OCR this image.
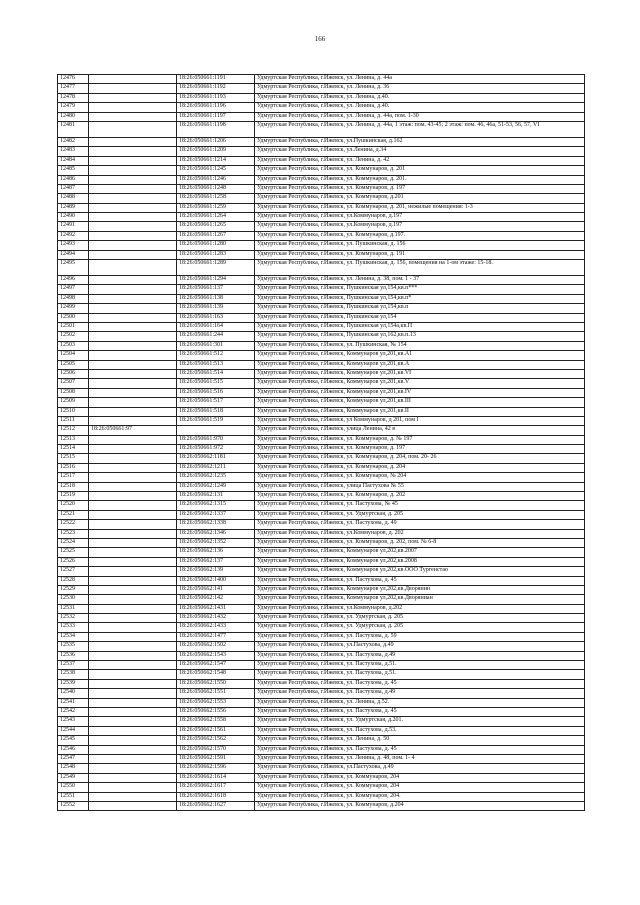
166
12476		18:26:050661:1191	Удмуртская Республика, г.Ижевск, ул. Ленина, д. 44а
12477		18:26:050661:1192	Удмуртская Республика, г.Ижевск, ул. Ленина, д. 36
12478		18:26:050661:1193	Удмуртская Республика, г.Ижевск, ул. Ленина, д.40.
12479		18:26:050661:1196	Удмуртская Республика, г.Ижевск, ул. Ленина, д.40.
12480		18:26:050661:1197	Удмуртская Республика, г.Ижевск, ул. Ленина, д. 44а, пом. 1-30
12481		18:26:050661:1198	Удмуртская Республика, г.Ижевск, ул. Ленина, д. 44а, 1 этаж: пом. 43-45; 2 этаж: пом. 46, 46а, 51-53, 56, 57, VI
12482		18:26:050661:1206	Удмуртская Республика, г.Ижевск, ул.Пушкинская, д.162
12483		18:26:050661:1209	Удмуртская Республика, г.Ижевск, ул.Ленина, д.34
12484		18:26:050661:1214	Удмуртская Республика, г.Ижевск, ул. Ленина, д. 42
12485		18:26:050661:1245	Удмуртская Республика, г.Ижевск, ул. Коммунаров, д. 201
12486		18:26:050661:1246	Удмуртская Республика, г.Ижевск, ул. Коммунаров, д. 201.
12487		18:26:050661:1248	Удмуртская Республика, г.Ижевск, ул. Коммунаров, д. 197
12488		18:26:050661:1258	Удмуртская Республика, г.Ижевск, ул. Коммунаров, д.201
12489		18:26:050661:1259	Удмуртская Республика, г.Ижевск, ул. Коммунаров, д. 201, нежилые помещения: 1-3
12490		18:26:050661:1264	Удмуртская Республика, г.Ижевск, ул.Коммунаров, д.197
12491		18:26:050661:1265	Удмуртская Республика, г.Ижевск, ул.Коммунаров, д.197
12492		18:26:050661:1267	Удмуртская Республика, г.Ижевск, ул. Коммунаров, д.197.
12493		18:26:050661:1280	Удмуртская Республика, г.Ижевск, ул. Пушкинская, д. 156
12494		18:26:050661:1283	Удмуртская Республика, г.Ижевск, ул. Коммунаров, д. 191
12495		18:26:050661:1289	Удмуртская Республика, г.Ижевск, ул. Пушкинская, д. 156, помещения на 1-ом этаже: 15-18.
12496		18:26:050661:1294	Удмуртская Республика, г.Ижевск, ул. Ленина, д. 38, пом. 1 - 37
12497		18:26:050661:137	Удмуртская Республика, г.Ижевск, Пушкинская ул,154,кв.п***
12498		18:26:050661:138	Удмуртская Республика, г.Ижевск, Пушкинская ул,154,кв.п*
12499		18:26:050661:139	Удмуртская Республика, г.Ижевск, Пушкинская ул,154,кв.п
12500		18:26:050661:163	Удмуртская Республика, г.Ижевск, Пушкинская ул,154
12501		18:26:050661:164	Удмуртская Республика, г.Ижевск, Пушкинская ул,154а,кв.П
12502		18:26:050661:244	Удмуртская Республика, г.Ижевск, Пушкинская ул,162,кв.п.13
12503		18:26:050661:301	Удмуртская Республика, г.Ижевск, ул. Пушкинская, № 154
12504		18:26:050661:512	Удмуртская Республика, г.Ижевск, Коммунаров ул,201,кв.А1
12505		18:26:050661:513	Удмуртская Республика, г.Ижевск, Коммунаров ул,201,кв.А
12506		18:26:050661:514	Удмуртская Республика, г.Ижевск, Коммунаров ул,201,кв.VI
12507		18:26:050661:515	Удмуртская Республика, г.Ижевск, Коммунаров ул,201,кв.V
12508		18:26:050661:516	Удмуртская Республика, г.Ижевск, Коммунаров ул,201,кв.IV
12509		18:26:050661:517	Удмуртская Республика, г.Ижевск, Коммунаров ул,201,кв.III
12510		18:26:050661:518	Удмуртская Республика, г.Ижевск, Коммунаров ул,201,кв.II
12511		18:26:050661:519	Удмуртская Республика, г.Ижевск, ул Коммунаров, д 201, пом I
12512	18:26:050661:97		Удмуртская Республика, г.Ижевск, улица Ленина, 42 в
12513		18:26:050661:970	Удмуртская Республика, г.Ижевск, ул. Коммунаров, д. № 197
12514		18:26:050661:972	Удмуртская Республика, г.Ижевск, ул. Коммунаров, д. 197
12515		18:26:050662:1181	Удмуртская Республика, г.Ижевск, ул. Коммунаров, д. 204, пом. 20- 26
12516		18:26:050662:1211	Удмуртская Республика, г.Ижевск, ул. Коммунаров, д. 204
12517		18:26:050662:1235	Удмуртская Республика, г.Ижевск, ул. Коммунаров, № 204
12518		18:26:050662:1249	Удмуртская Республика, г.Ижевск, улица Пастухова № 55
12519		18:26:050662:131	Удмуртская Республика, г.Ижевск, ул. Коммунаров, д. 202
12520		18:26:050662:1315	Удмуртская Республика, г.Ижевск, ул. Пастухова, № 45
12521		18:26:050662:1337	Удмуртская Республика, г.Ижевск, ул. Удмуртская, д. 205
12522		18:26:050662:1338	Удмуртская Республика, г.Ижевск, ул. Пастухова, д. 49
12523		18:26:050662:1346	Удмуртская Республика, г.Ижевск, ул.Коммунаров, д. 202
12524		18:26:050662:1352	Удмуртская Республика, г.Ижевск, ул. Коммунаров, д. 202, пом. № 6-8
12525		18:26:050662:136	Удмуртская Республика, г.Ижевск, Коммунаров ул,202,кв.2007
12526		18:26:050662:137	Удмуртская Республика, г.Ижевск, Коммунаров ул,202,кв.2008
12527		18:26:050662:139	Удмуртская Республика, г.Ижевск, Коммунаров ул,202,кв.ООО Тургенстао
12528		18:26:050662:1400	Удмуртская Республика, г.Ижевск, ул. Пастухова, д. 45
12529		18:26:050662:141	Удмуртская Республика, г.Ижевск, Коммунаров ул,202,кв.Дворянин
12530		18:26:050662:142	Удмуртская Республика, г.Ижевск, Коммунаров ул,202,кв.Дворяниан
12531		18:26:050662:1431	Удмуртская Республика, г.Ижевск, ул.Коммунаров, д.202
12532		18:26:050662:1432	Удмуртская Республика, г.Ижевск, ул. Удмуртская, д. 205
12533		18:26:050662:1433	Удмуртская Республика, г.Ижевск, ул. Удмуртская, д. 205
12534		18:26:050662:1477	Удмуртская Республика, г.Ижевск, ул. Пастухова, д. 59
12535		18:26:050662:1502	Удмуртская Республика, г.Ижевск, ул.Пастухова, д.49
12536		18:26:050662:1543	Удмуртская Республика, г.Ижевск, ул. Пастухова, д.49
12537		18:26:050662:1547	Удмуртская Республика, г.Ижевск, ул. Пастухова, д.51.
12538		18:26:050662:1548	Удмуртская Республика, г.Ижевск, ул. Пастухова, д.51.
12539		18:26:050662:1550	Удмуртская Республика, г.Ижевск, ул. Пастухова, д. 45
12540		18:26:050662:1551	Удмуртская Республика, г.Ижевск, ул. Пастухова, д.49
12541		18:26:050662:1553	Удмуртская Республика, г.Ижевск, ул. Ленина, д.52.
12542		18:26:050662:1556	Удмуртская Республика, г.Ижевск, ул. Пастухова, д. 45
12543		18:26:050662:1558	Удмуртская Республика, г.Ижевск, ул. Удмуртская, д.201.
12544		18:26:050662:1561	Удмуртская Республика, г.Ижевск, ул. Пастухова, д.53.
12545		18:26:050662:1562	Удмуртская Республика, г.Ижевск, ул. Ленина, д. 50
12546		18:26:050662:1570	Удмуртская Республика, г.Ижевск, ул. Пастухова, д. 45
12547		18:26:050662:1591	Удмуртская Республика, г.Ижевск, ул. Ленина, д. 48, пом. 1- 4
12548		18:26:050662:1596	Удмуртская Республика, г.Ижевск, ул.Пастухова, д.49
12549		18:26:050662:1614	Удмуртская Республика, г.Ижевск, ул. Коммунаров, 204
12550		18:26:050662:1617	Удмуртская Республика, г.Ижевск, ул. Коммунаров, 204
12551		18:26:050662:1618	Удмуртская Республика, г.Ижевск, ул. Коммунаров, 204.
12552		18:26:050662:1627	Удмуртская Республика, г.Ижевск, ул. Коммунаров, д.204
